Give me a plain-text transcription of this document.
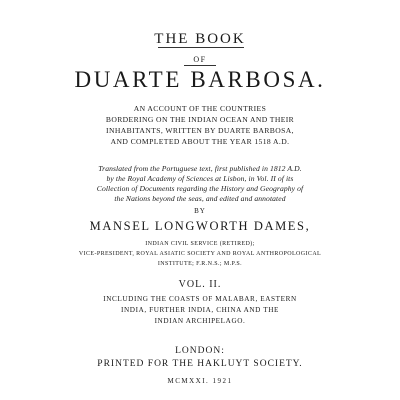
THE BOOK
OF
DUARTE BARBOSA.
AN ACCOUNT OF THE COUNTRIES
BORDERING ON THE INDIAN OCEAN AND THEIR
INHABITANTS, WRITTEN BY DUARTE BARBOSA,
AND COMPLETED ABOUT THE YEAR 1518 A.D.
Translated from the Portuguese text, first published in 1812 A.D.
by the Royal Academy of Sciences at Lisbon, in Vol. II of its
Collection of Documents regarding the History and Geography of
the Nations beyond the seas, and edited and annotated
BY
MANSEL LONGWORTH DAMES,
INDIAN CIVIL SERVICE (RETIRED);
VICE-PRESIDENT, ROYAL ASIATIC SOCIETY AND ROYAL ANTHROPOLOGICAL
INSTITUTE; F.R.N.S.; M.P.S.
VOL. II.
INCLUDING THE COASTS OF MALABAR, EASTERN
INDIA, FURTHER INDIA, CHINA AND THE
INDIAN ARCHIPELAGO.
LONDON:
PRINTED FOR THE HAKLUYT SOCIETY.
MCMXXI. 1921
